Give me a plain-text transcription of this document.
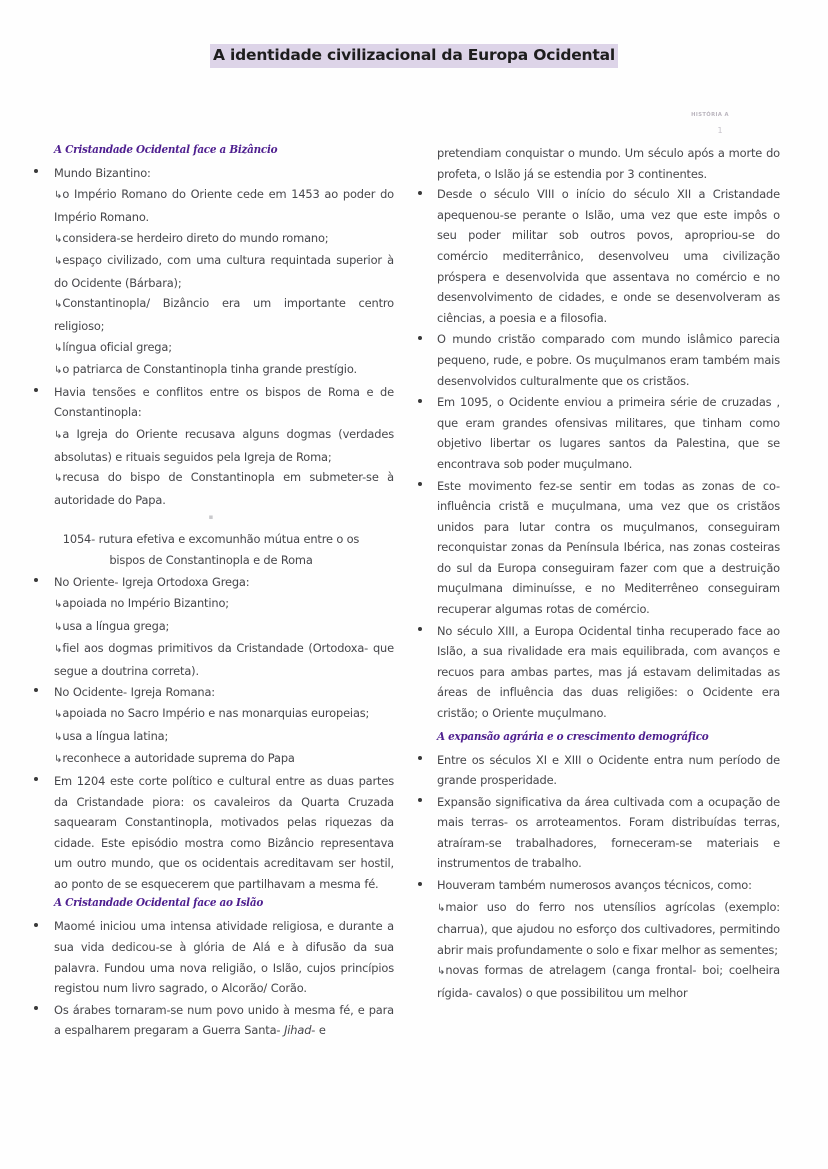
A identidade civilizacional da Europa Ocidental
HISTÓRIA A
1
A Cristandade Ocidental face a Bizâncio

Mundo Bizantino:

↳o Império Romano do Oriente cede em 1453 ao poder do Império Romano.

↳considera-se herdeiro direto do mundo romano;

↳espaço civilizado, com uma cultura requintada superior à do Ocidente (Bárbara);

↳Constantinopla/ Bizâncio era um importante centro religioso;

↳língua oficial grega;

↳o patriarca de Constantinopla tinha grande prestígio.

Havia tensões e conflitos entre os bispos de Roma e de Constantinopla:

↳a Igreja do Oriente recusava alguns dogmas (verdades absolutas) e rituais seguidos pela Igreja de Roma;

↳recusa do bispo de Constantinopla em submeter-se à autoridade do Papa.

▪

1054- rutura efetiva e excomunhão mútua entre o os bispos de Constantinopla e de Roma

No Oriente- Igreja Ortodoxa Grega:

↳apoiada no Império Bizantino;

↳usa a língua grega;

↳fiel aos dogmas primitivos da Cristandade (Ortodoxa- que segue a doutrina correta).

No Ocidente- Igreja Romana:

↳apoiada no Sacro Império e nas monarquias europeias;

↳usa a língua latina;

↳reconhece a autoridade suprema do Papa

Em 1204 este corte político e cultural entre as duas partes da Cristandade piora: os cavaleiros da Quarta Cruzada saquearam Constantinopla, motivados pelas riquezas da cidade. Este episódio mostra como Bizâncio representava um outro mundo, que os ocidentais acreditavam ser hostil, ao ponto de se esquecerem que partilhavam a mesma fé.

A Cristandade Ocidental face ao Islão

Maomé iniciou uma intensa atividade religiosa, e durante a sua vida dedicou-se à glória de Alá e à difusão da sua palavra. Fundou uma nova religião, o Islão, cujos princípios registou num livro sagrado, o Alcorão/ Corão.

Os árabes tornaram-se num povo unido à mesma fé, e para a espalharem pregaram a Guerra Santa- Jihad- e

pretendiam conquistar o mundo. Um século após a morte do profeta, o Islão já se estendia por 3 continentes.

Desde o século VIII o início do século XII a Cristandade apequenou-se perante o Islão, uma vez que este impôs o seu poder militar sob outros povos, apropriou-se do comércio mediterrânico, desenvolveu uma civilização próspera e desenvolvida que assentava no comércio e no desenvolvimento de cidades, e onde se desenvolveram as ciências, a poesia e a filosofia.

O mundo cristão comparado com mundo islâmico parecia pequeno, rude, e pobre. Os muçulmanos eram também mais desenvolvidos culturalmente que os cristãos.

Em 1095, o Ocidente enviou a primeira série de cruzadas , que eram grandes ofensivas militares, que tinham como objetivo libertar os lugares santos da Palestina, que se encontrava sob poder muçulmano.

Este movimento fez-se sentir em todas as zonas de co-influência cristã e muçulmana, uma vez que os cristãos unidos para lutar contra os muçulmanos, conseguiram reconquistar zonas da Península Ibérica, nas zonas costeiras do sul da Europa conseguiram fazer com que a destruição muçulmana diminuísse, e no Mediterrêneo conseguiram recuperar algumas rotas de comércio.

No século XIII, a Europa Ocidental tinha recuperado face ao Islão, a sua rivalidade era mais equilibrada, com avanços e recuos para ambas partes, mas já estavam delimitadas as áreas de influência das duas religiões: o Ocidente era cristão; o Oriente muçulmano.

A expansão agrária e o crescimento demográfico

Entre os séculos XI e XIII o Ocidente entra num período de grande prosperidade.

Expansão significativa da área cultivada com a ocupação de mais terras- os arroteamentos. Foram distribuídas terras, atraíram-se trabalhadores, forneceram-se materiais e instrumentos de trabalho.

Houveram também numerosos avanços técnicos, como:

↳maior uso do ferro nos utensílios agrícolas (exemplo: charrua), que ajudou no esforço dos cultivadores, permitindo abrir mais profundamente o solo e fixar melhor as sementes;

↳novas formas de atrelagem (canga frontal- boi; coelheira rígida- cavalos) o que possibilitou um melhor
